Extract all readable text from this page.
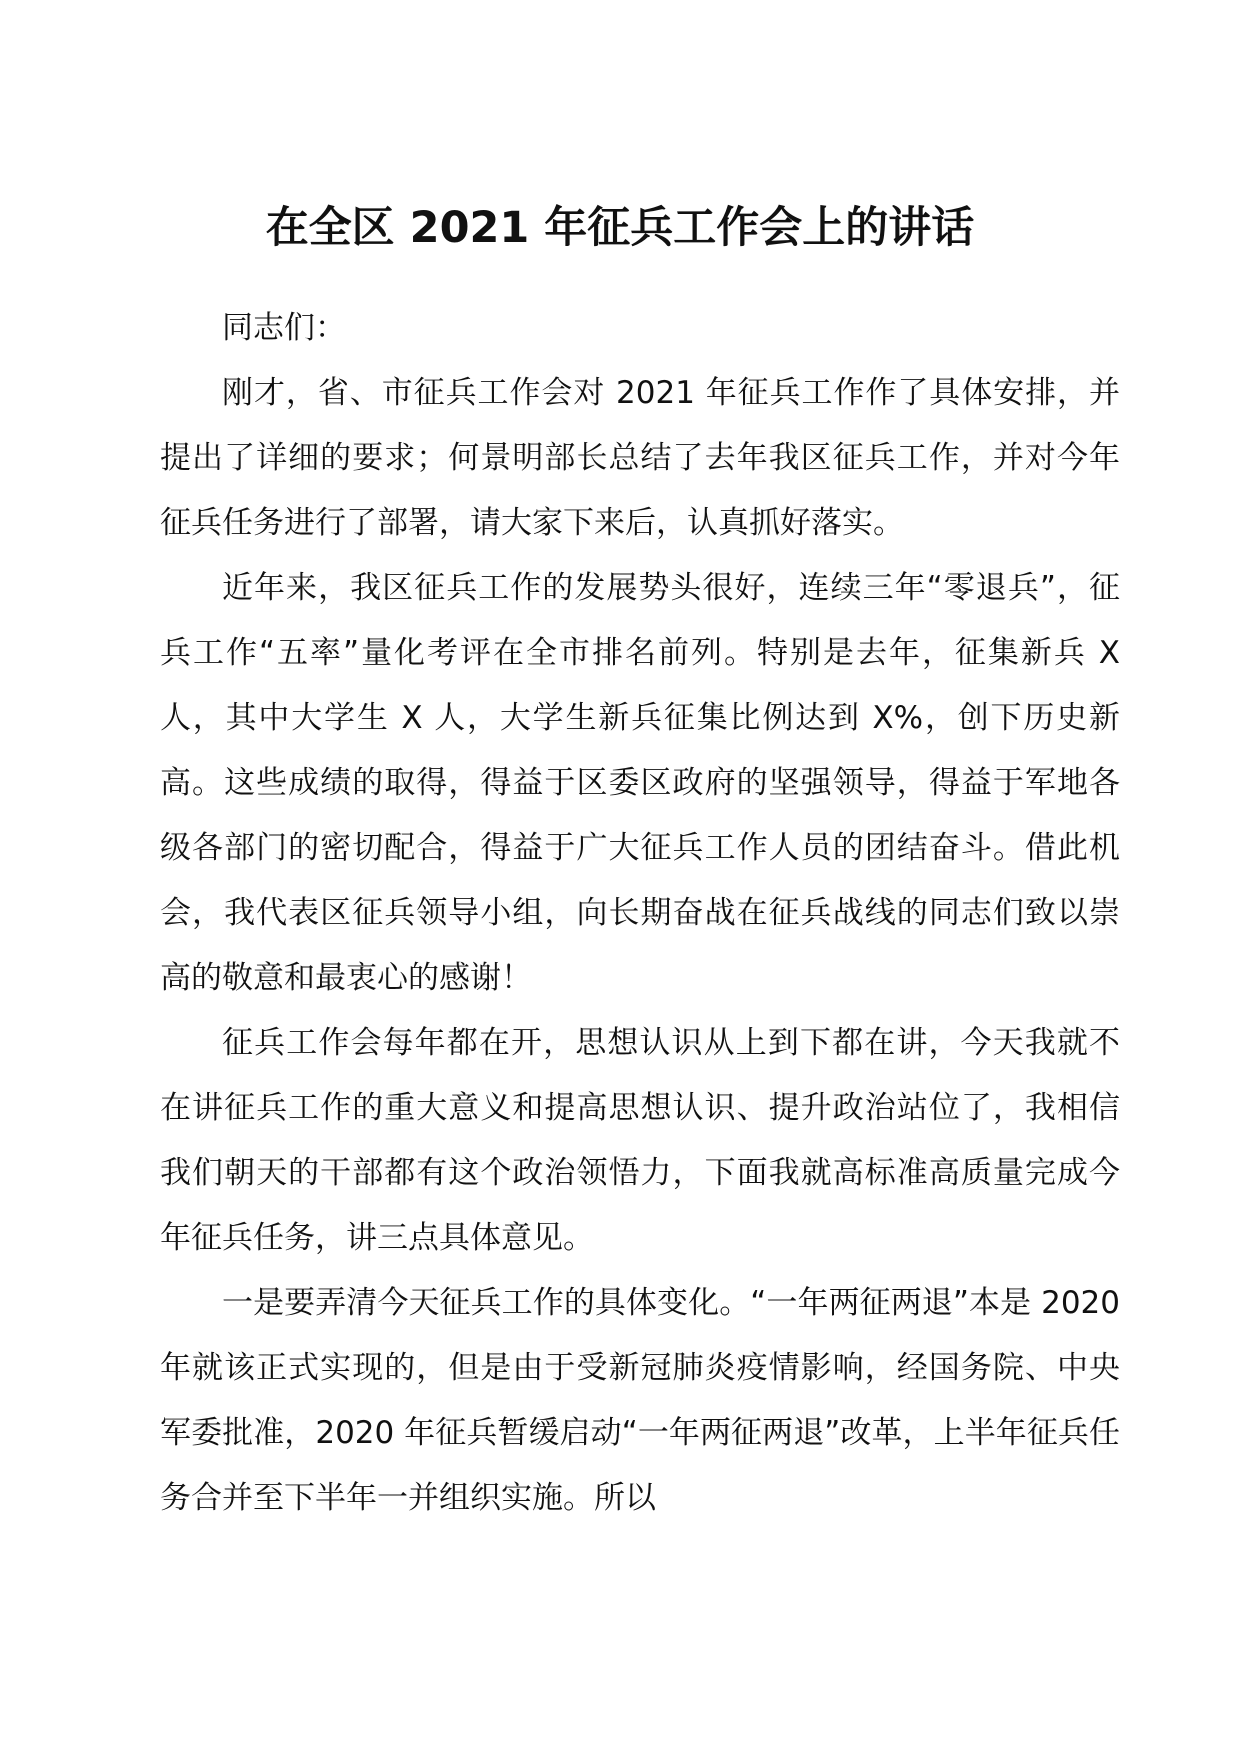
在全区 2021 年征兵工作会上的讲话

同志们：

刚才，省、市征兵工作会对 2021 年征兵工作作了具体安排，并提出了详细的要求；何景明部长总结了去年我区征兵工作，并对今年征兵任务进行了部署，请大家下来后，认真抓好落实。

近年来，我区征兵工作的发展势头很好，连续三年“零退兵”，征兵工作“五率”量化考评在全市排名前列。特别是去年，征集新兵 X 人，其中大学生 X 人，大学生新兵征集比例达到 X%，创下历史新高。这些成绩的取得，得益于区委区政府的坚强领导，得益于军地各级各部门的密切配合，得益于广大征兵工作人员的团结奋斗。借此机会，我代表区征兵领导小组，向长期奋战在征兵战线的同志们致以崇高的敬意和最衷心的感谢！

征兵工作会每年都在开，思想认识从上到下都在讲，今天我就不在讲征兵工作的重大意义和提高思想认识、提升政治站位了，我相信我们朝天的干部都有这个政治领悟力，下面我就高标准高质量完成今年征兵任务，讲三点具体意见。

一是要弄清今天征兵工作的具体变化。“一年两征两退”本是 2020 年就该正式实现的，但是由于受新冠肺炎疫情影响，经国务院、中央军委批准，2020 年征兵暂缓启动“一年两征两退”改革，上半年征兵任务合并至下半年一并组织实施。所以
